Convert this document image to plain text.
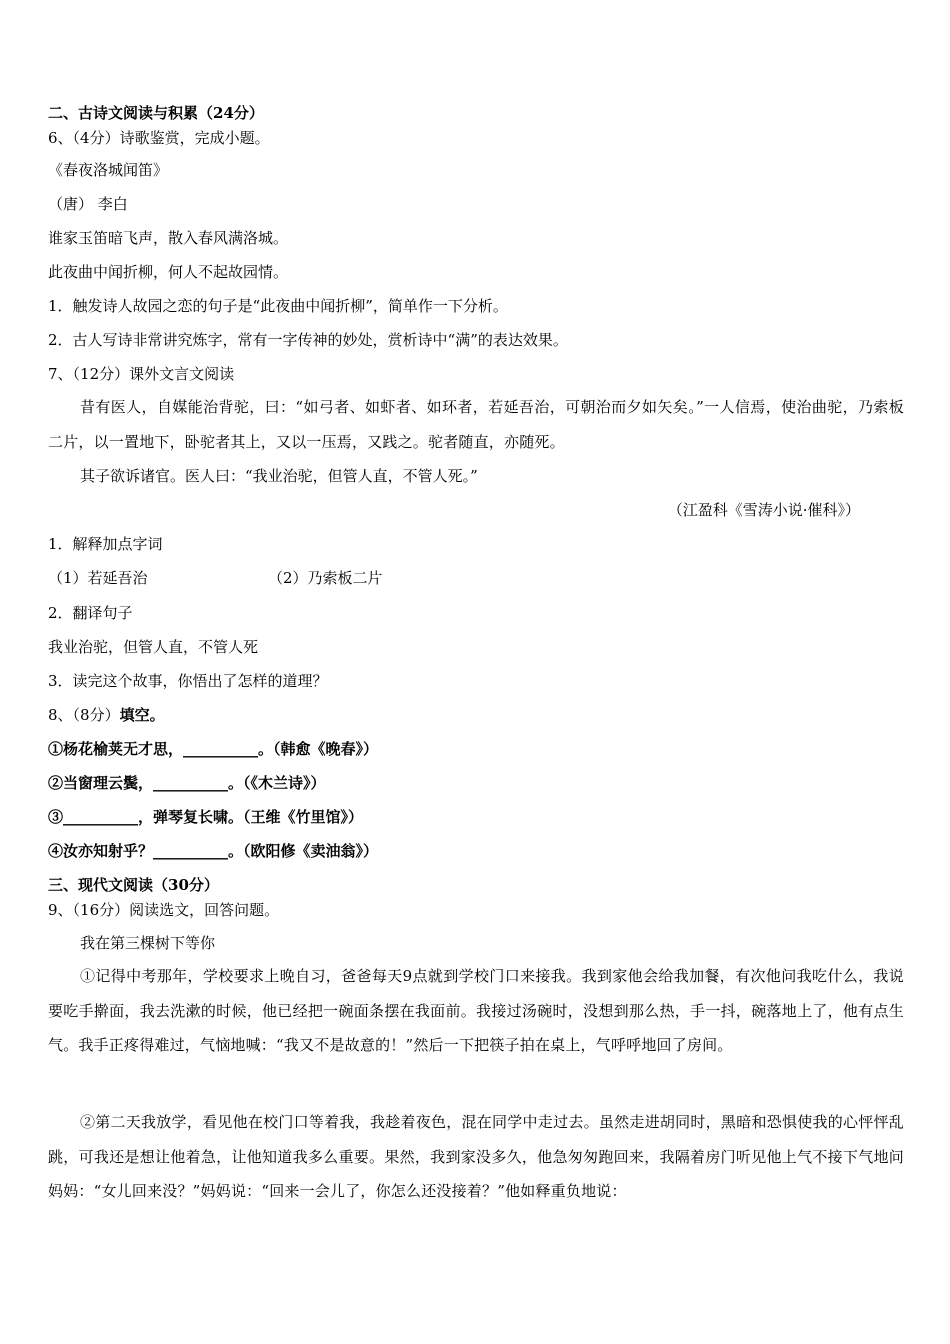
二、古诗文阅读与积累（24分）
6、（4分）诗歌鉴赏，完成小题。
《春夜洛城闻笛》
（唐） 李白
谁家玉笛暗飞声，散入春风满洛城。
此夜曲中闻折柳，何人不起故园情。
1．触发诗人故园之恋的句子是“此夜曲中闻折柳”，简单作一下分析。
2．古人写诗非常讲究炼字，常有一字传神的妙处，赏析诗中“满”的表达效果。
7、（12分）课外文言文阅读
昔有医人，自媒能治背驼，曰：“如弓者、如虾者、如环者，若延吾治，可朝治而夕如矢矣。”一人信焉，使治曲驼，乃索板二片，以一置地下，卧驼者其上，又以一压焉，又践之。驼者随直，亦随死。
其子欲诉诸官。医人曰：“我业治驼，但管人直，不管人死。”
（江盈科《雪涛小说·催科》）
1．解释加点字词
（1）若延吾治	（2）乃索板二片
2．翻译句子
我业治驼，但管人直，不管人死
3．读完这个故事，你悟出了怎样的道理？
8、（8分）填空。
①杨花榆荚无才思，__________。（韩愈《晚春》）
②当窗理云鬓，__________。（《木兰诗》）
③__________，弹琴复长啸。（王维《竹里馆》）
④汝亦知射乎？__________。（欧阳修《卖油翁》）
三、现代文阅读（30分）
9、（16分）阅读选文，回答问题。
我在第三棵树下等你
①记得中考那年，学校要求上晚自习，爸爸每天9点就到学校门口来接我。我到家他会给我加餐，有次他问我吃什么，我说要吃手擀面，我去洗漱的时候，他已经把一碗面条摆在我面前。我接过汤碗时，没想到那么热，手一抖，碗落地上了，他有点生气。我手正疼得难过，气恼地喊：“我又不是故意的！”然后一下把筷子拍在桌上，气呼呼地回了房间。
②第二天我放学，看见他在校门口等着我，我趁着夜色，混在同学中走过去。虽然走进胡同时，黑暗和恐惧使我的心怦怦乱跳，可我还是想让他着急，让他知道我多么重要。果然，我到家没多久，他急匆匆跑回来，我隔着房门听见他上气不接下气地问妈妈：“女儿回来没？”妈妈说：“回来一会儿了，你怎么还没接着？”他如释重负地说：
